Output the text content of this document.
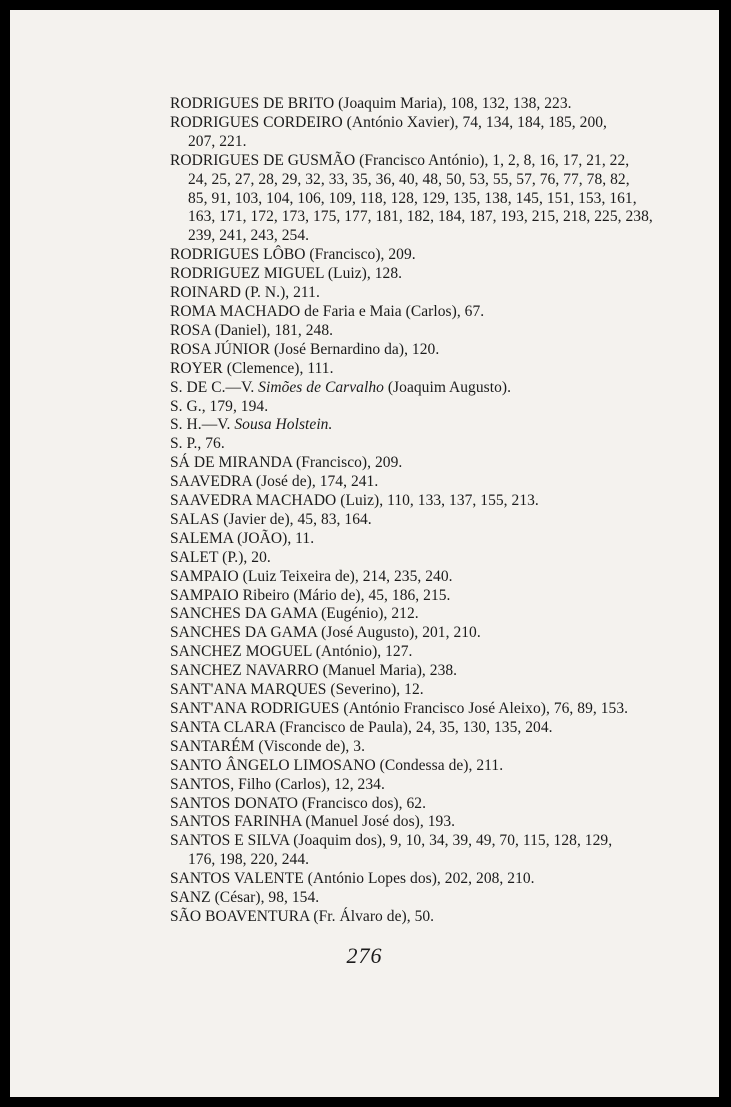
RODRIGUES DE BRITO (Joaquim Maria), 108, 132, 138, 223.
RODRIGUES CORDEIRO (António Xavier), 74, 134, 184, 185, 200,
207, 221.
RODRIGUES DE GUSMÃO (Francisco António), 1, 2, 8, 16, 17, 21, 22,
24, 25, 27, 28, 29, 32, 33, 35, 36, 40, 48, 50, 53, 55, 57, 76, 77, 78, 82,
85, 91, 103, 104, 106, 109, 118, 128, 129, 135, 138, 145, 151, 153, 161,
163, 171, 172, 173, 175, 177, 181, 182, 184, 187, 193, 215, 218, 225, 238,
239, 241, 243, 254.
RODRIGUES LÔBO (Francisco), 209.
RODRIGUEZ MIGUEL (Luiz), 128.
ROINARD (P. N.), 211.
ROMA MACHADO de Faria e Maia (Carlos), 67.
ROSA (Daniel), 181, 248.
ROSA JÚNIOR (José Bernardino da), 120.
ROYER (Clemence), 111.
S. DE C.—V. Simões de Carvalho (Joaquim Augusto).
S. G., 179, 194.
S. H.—V. Sousa Holstein.
S. P., 76.
SÁ DE MIRANDA (Francisco), 209.
SAAVEDRA (José de), 174, 241.
SAAVEDRA MACHADO (Luiz), 110, 133, 137, 155, 213.
SALAS (Javier de), 45, 83, 164.
SALEMA (JOÃO), 11.
SALET (P.), 20.
SAMPAIO (Luiz Teixeira de), 214, 235, 240.
SAMPAIO Ribeiro (Mário de), 45, 186, 215.
SANCHES DA GAMA (Eugénio), 212.
SANCHES DA GAMA (José Augusto), 201, 210.
SANCHEZ MOGUEL (António), 127.
SANCHEZ NAVARRO (Manuel Maria), 238.
SANT'ANA MARQUES (Severino), 12.
SANT'ANA RODRIGUES (António Francisco José Aleixo), 76, 89, 153.
SANTA CLARA (Francisco de Paula), 24, 35, 130, 135, 204.
SANTARÉM (Visconde de), 3.
SANTO ÂNGELO LIMOSANO (Condessa de), 211.
SANTOS, Filho (Carlos), 12, 234.
SANTOS DONATO (Francisco dos), 62.
SANTOS FARINHA (Manuel José dos), 193.
SANTOS E SILVA (Joaquim dos), 9, 10, 34, 39, 49, 70, 115, 128, 129,
176, 198, 220, 244.
SANTOS VALENTE (António Lopes dos), 202, 208, 210.
SANZ (César), 98, 154.
SÃO BOAVENTURA (Fr. Álvaro de), 50.
276
